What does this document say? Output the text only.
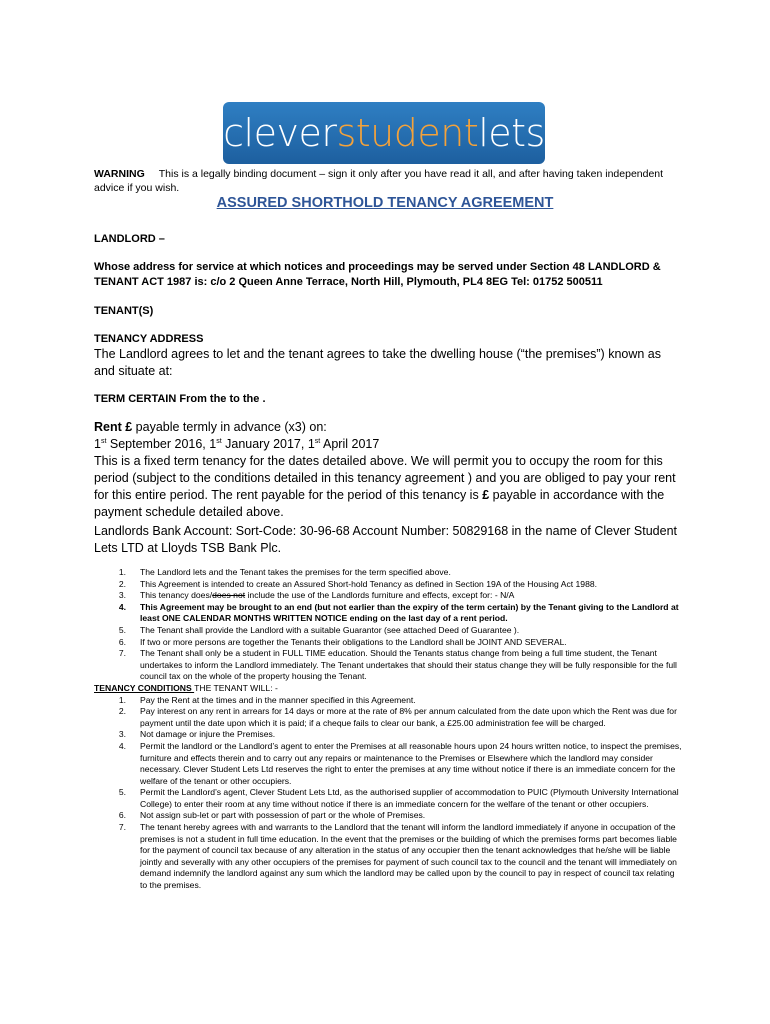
cleverstudentlets
WARNING This is a legally binding document – sign it only after you have read it all, and after having taken independent advice if you wish.
ASSURED SHORTHOLD TENANCY AGREEMENT
LANDLORD –
Whose address for service at which notices and proceedings may be served under Section 48 LANDLORD & TENANT ACT 1987 is: c/o 2 Queen Anne Terrace, North Hill, Plymouth, PL4 8EG Tel: 01752 500511
TENANT(S)
TENANCY ADDRESS
The Landlord agrees to let and the tenant agrees to take the dwelling house (“the premises”) known as and situate at:
TERM CERTAIN From the to the .
Rent £ payable termly in advance (x3) on:
1st September 2016, 1st January 2017, 1st April 2017
This is a fixed term tenancy for the dates detailed above. We will permit you to occupy the room for this period (subject to the conditions detailed in this tenancy agreement ) and you are obliged to pay your rent for this entire period. The rent payable for the period of this tenancy is £ payable in accordance with the payment schedule detailed above.
Landlords Bank Account: Sort-Code: 30-96-68 Account Number: 50829168 in the name of Clever Student Lets LTD at Lloyds TSB Bank Plc.
1.	The Landlord lets and the Tenant takes the premises for the term specified above.
2.	This Agreement is intended to create an Assured Short-hold Tenancy as defined in Section 19A of the Housing Act 1988.
3.	This tenancy does/does not include the use of the Landlords furniture and effects, except for: - N/A
4.	This Agreement may be brought to an end (but not earlier than the expiry of the term certain) by the Tenant giving to the Landlord at least ONE CALENDAR MONTHS WRITTEN NOTICE ending on the last day of a rent period.
5.	The Tenant shall provide the Landlord with a suitable Guarantor (see attached Deed of Guarantee ).
6.	If two or more persons are together the Tenants their obligations to the Landlord shall be JOINT AND SEVERAL.
7.	The Tenant shall only be a student in FULL TIME education. Should the Tenants status change from being a full time student, the Tenant undertakes to inform the Landlord immediately. The Tenant undertakes that should their status change they will be fully responsible for the full council tax on the whole of the property housing the Tenant.
TENANCY CONDITIONS THE TENANT WILL: -
1.	Pay the Rent at the times and in the manner specified in this Agreement.
2.	Pay interest on any rent in arrears for 14 days or more at the rate of 8% per annum calculated from the date upon which the Rent was due for payment until the date upon which it is paid; if a cheque fails to clear our bank, a £25.00 administration fee will be charged.
3.	Not damage or injure the Premises.
4.	Permit the landlord or the Landlord’s agent to enter the Premises at all reasonable hours upon 24 hours written notice, to inspect the premises, furniture and effects therein and to carry out any repairs or maintenance to the Premises or Elsewhere which the landlord may consider necessary. Clever Student Lets Ltd reserves the right to enter the premises at any time without notice if there is an immediate concern for the welfare of the tenant or other occupiers.
5.	Permit the Landlord’s agent, Clever Student Lets Ltd, as the authorised supplier of accommodation to PUIC (Plymouth University International College) to enter their room at any time without notice if there is an immediate concern for the welfare of the tenant or other occupiers.
6.	Not assign sub-let or part with possession of part or the whole of Premises.
7.	The tenant hereby agrees with and warrants to the Landlord that the tenant will inform the landlord immediately if anyone in occupation of the premises is not a student in full time education. In the event that the premises or the building of which the premises forms part becomes liable for the payment of council tax because of any alteration in the status of any occupier then the tenant acknowledges that he/she will be liable jointly and severally with any other occupiers of the premises for payment of such council tax to the council and the tenant will immediately on demand indemnify the landlord against any sum which the landlord may be called upon by the council to pay in respect of council tax relating to the premises.
